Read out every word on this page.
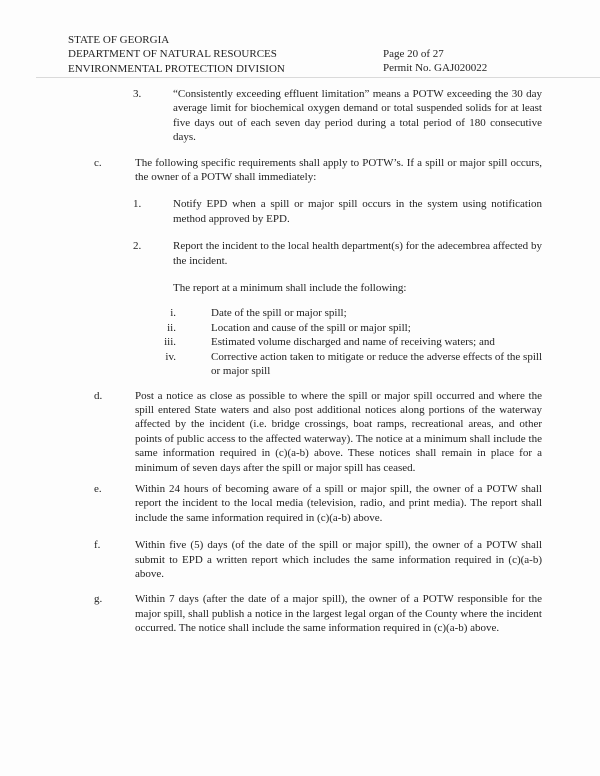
STATE OF GEORGIA
DEPARTMENT OF NATURAL RESOURCES
ENVIRONMENTAL PROTECTION DIVISION
Page 20 of 27
Permit No. GAJ020022
3.	“Consistently exceeding effluent limitation” means a POTW exceeding the 30 day average limit for biochemical oxygen demand or total suspended solids for at least five days out of each seven day period during a total period of 180 consecutive days.

c.	The following specific requirements shall apply to POTW’s. If a spill or major spill occurs, the owner of a POTW shall immediately:

1.	Notify EPD when a spill or major spill occurs in the system using notification method approved by EPD.

2.	Report the incident to the local health department(s) for the adecembrea affected by the incident.

The report at a minimum shall include the following:

i.	Date of the spill or major spill;

ii.	Location and cause of the spill or major spill;

iii.	Estimated volume discharged and name of receiving waters; and

iv.	Corrective action taken to mitigate or reduce the adverse effects of the spill or major spill

d.	Post a notice as close as possible to where the spill or major spill occurred and where the spill entered State waters and also post additional notices along portions of the waterway affected by the incident (i.e. bridge crossings, boat ramps, recreational areas, and other points of public access to the affected waterway). The notice at a minimum shall include the same information required in (c)(a-b) above. These notices shall remain in place for a minimum of seven days after the spill or major spill has ceased.

e.	Within 24 hours of becoming aware of a spill or major spill, the owner of a POTW shall report the incident to the local media (television, radio, and print media). The report shall include the same information required in (c)(a-b) above.

f.	Within five (5) days (of the date of the spill or major spill), the owner of a POTW shall submit to EPD a written report which includes the same information required in (c)(a-b) above.

g.	Within 7 days (after the date of a major spill), the owner of a POTW responsible for the major spill, shall publish a notice in the largest legal organ of the County where the incident occurred. The notice shall include the same information required in (c)(a-b) above.
